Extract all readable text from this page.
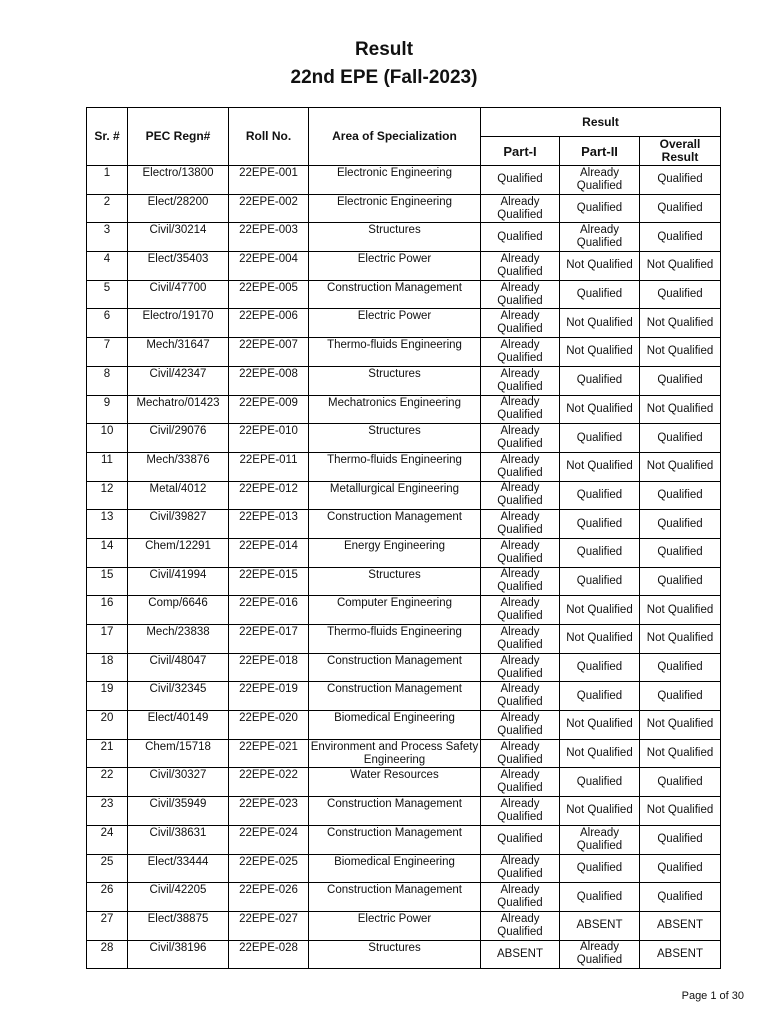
Result
22nd EPE (Fall-2023)
Sr. #	PEC Regn#	Roll No.	Area of Specialization	Result		
				Part-I	Part-II	Overall Result
1	Electro/13800	22EPE-001	Electronic Engineering	Qualified	Already Qualified	Qualified
2	Elect/28200	22EPE-002	Electronic Engineering	Already Qualified	Qualified	Qualified
3	Civil/30214	22EPE-003	Structures	Qualified	Already Qualified	Qualified
4	Elect/35403	22EPE-004	Electric Power	Already Qualified	Not Qualified	Not Qualified
5	Civil/47700	22EPE-005	Construction Management	Already Qualified	Qualified	Qualified
6	Electro/19170	22EPE-006	Electric Power	Already Qualified	Not Qualified	Not Qualified
7	Mech/31647	22EPE-007	Thermo-fluids Engineering	Already Qualified	Not Qualified	Not Qualified
8	Civil/42347	22EPE-008	Structures	Already Qualified	Qualified	Qualified
9	Mechatro/01423	22EPE-009	Mechatronics Engineering	Already Qualified	Not Qualified	Not Qualified
10	Civil/29076	22EPE-010	Structures	Already Qualified	Qualified	Qualified
11	Mech/33876	22EPE-011	Thermo-fluids Engineering	Already Qualified	Not Qualified	Not Qualified
12	Metal/4012	22EPE-012	Metallurgical Engineering	Already Qualified	Qualified	Qualified
13	Civil/39827	22EPE-013	Construction Management	Already Qualified	Qualified	Qualified
14	Chem/12291	22EPE-014	Energy Engineering	Already Qualified	Qualified	Qualified
15	Civil/41994	22EPE-015	Structures	Already Qualified	Qualified	Qualified
16	Comp/6646	22EPE-016	Computer Engineering	Already Qualified	Not Qualified	Not Qualified
17	Mech/23838	22EPE-017	Thermo-fluids Engineering	Already Qualified	Not Qualified	Not Qualified
18	Civil/48047	22EPE-018	Construction Management	Already Qualified	Qualified	Qualified
19	Civil/32345	22EPE-019	Construction Management	Already Qualified	Qualified	Qualified
20	Elect/40149	22EPE-020	Biomedical Engineering	Already Qualified	Not Qualified	Not Qualified
21	Chem/15718	22EPE-021	Environment and Process Safety Engineering	Already Qualified	Not Qualified	Not Qualified
22	Civil/30327	22EPE-022	Water Resources	Already Qualified	Qualified	Qualified
23	Civil/35949	22EPE-023	Construction Management	Already Qualified	Not Qualified	Not Qualified
24	Civil/38631	22EPE-024	Construction Management	Qualified	Already Qualified	Qualified
25	Elect/33444	22EPE-025	Biomedical Engineering	Already Qualified	Qualified	Qualified
26	Civil/42205	22EPE-026	Construction Management	Already Qualified	Qualified	Qualified
27	Elect/38875	22EPE-027	Electric Power	Already Qualified	ABSENT	ABSENT
28	Civil/38196	22EPE-028	Structures	ABSENT	Already Qualified	ABSENT
Page 1 of 30
